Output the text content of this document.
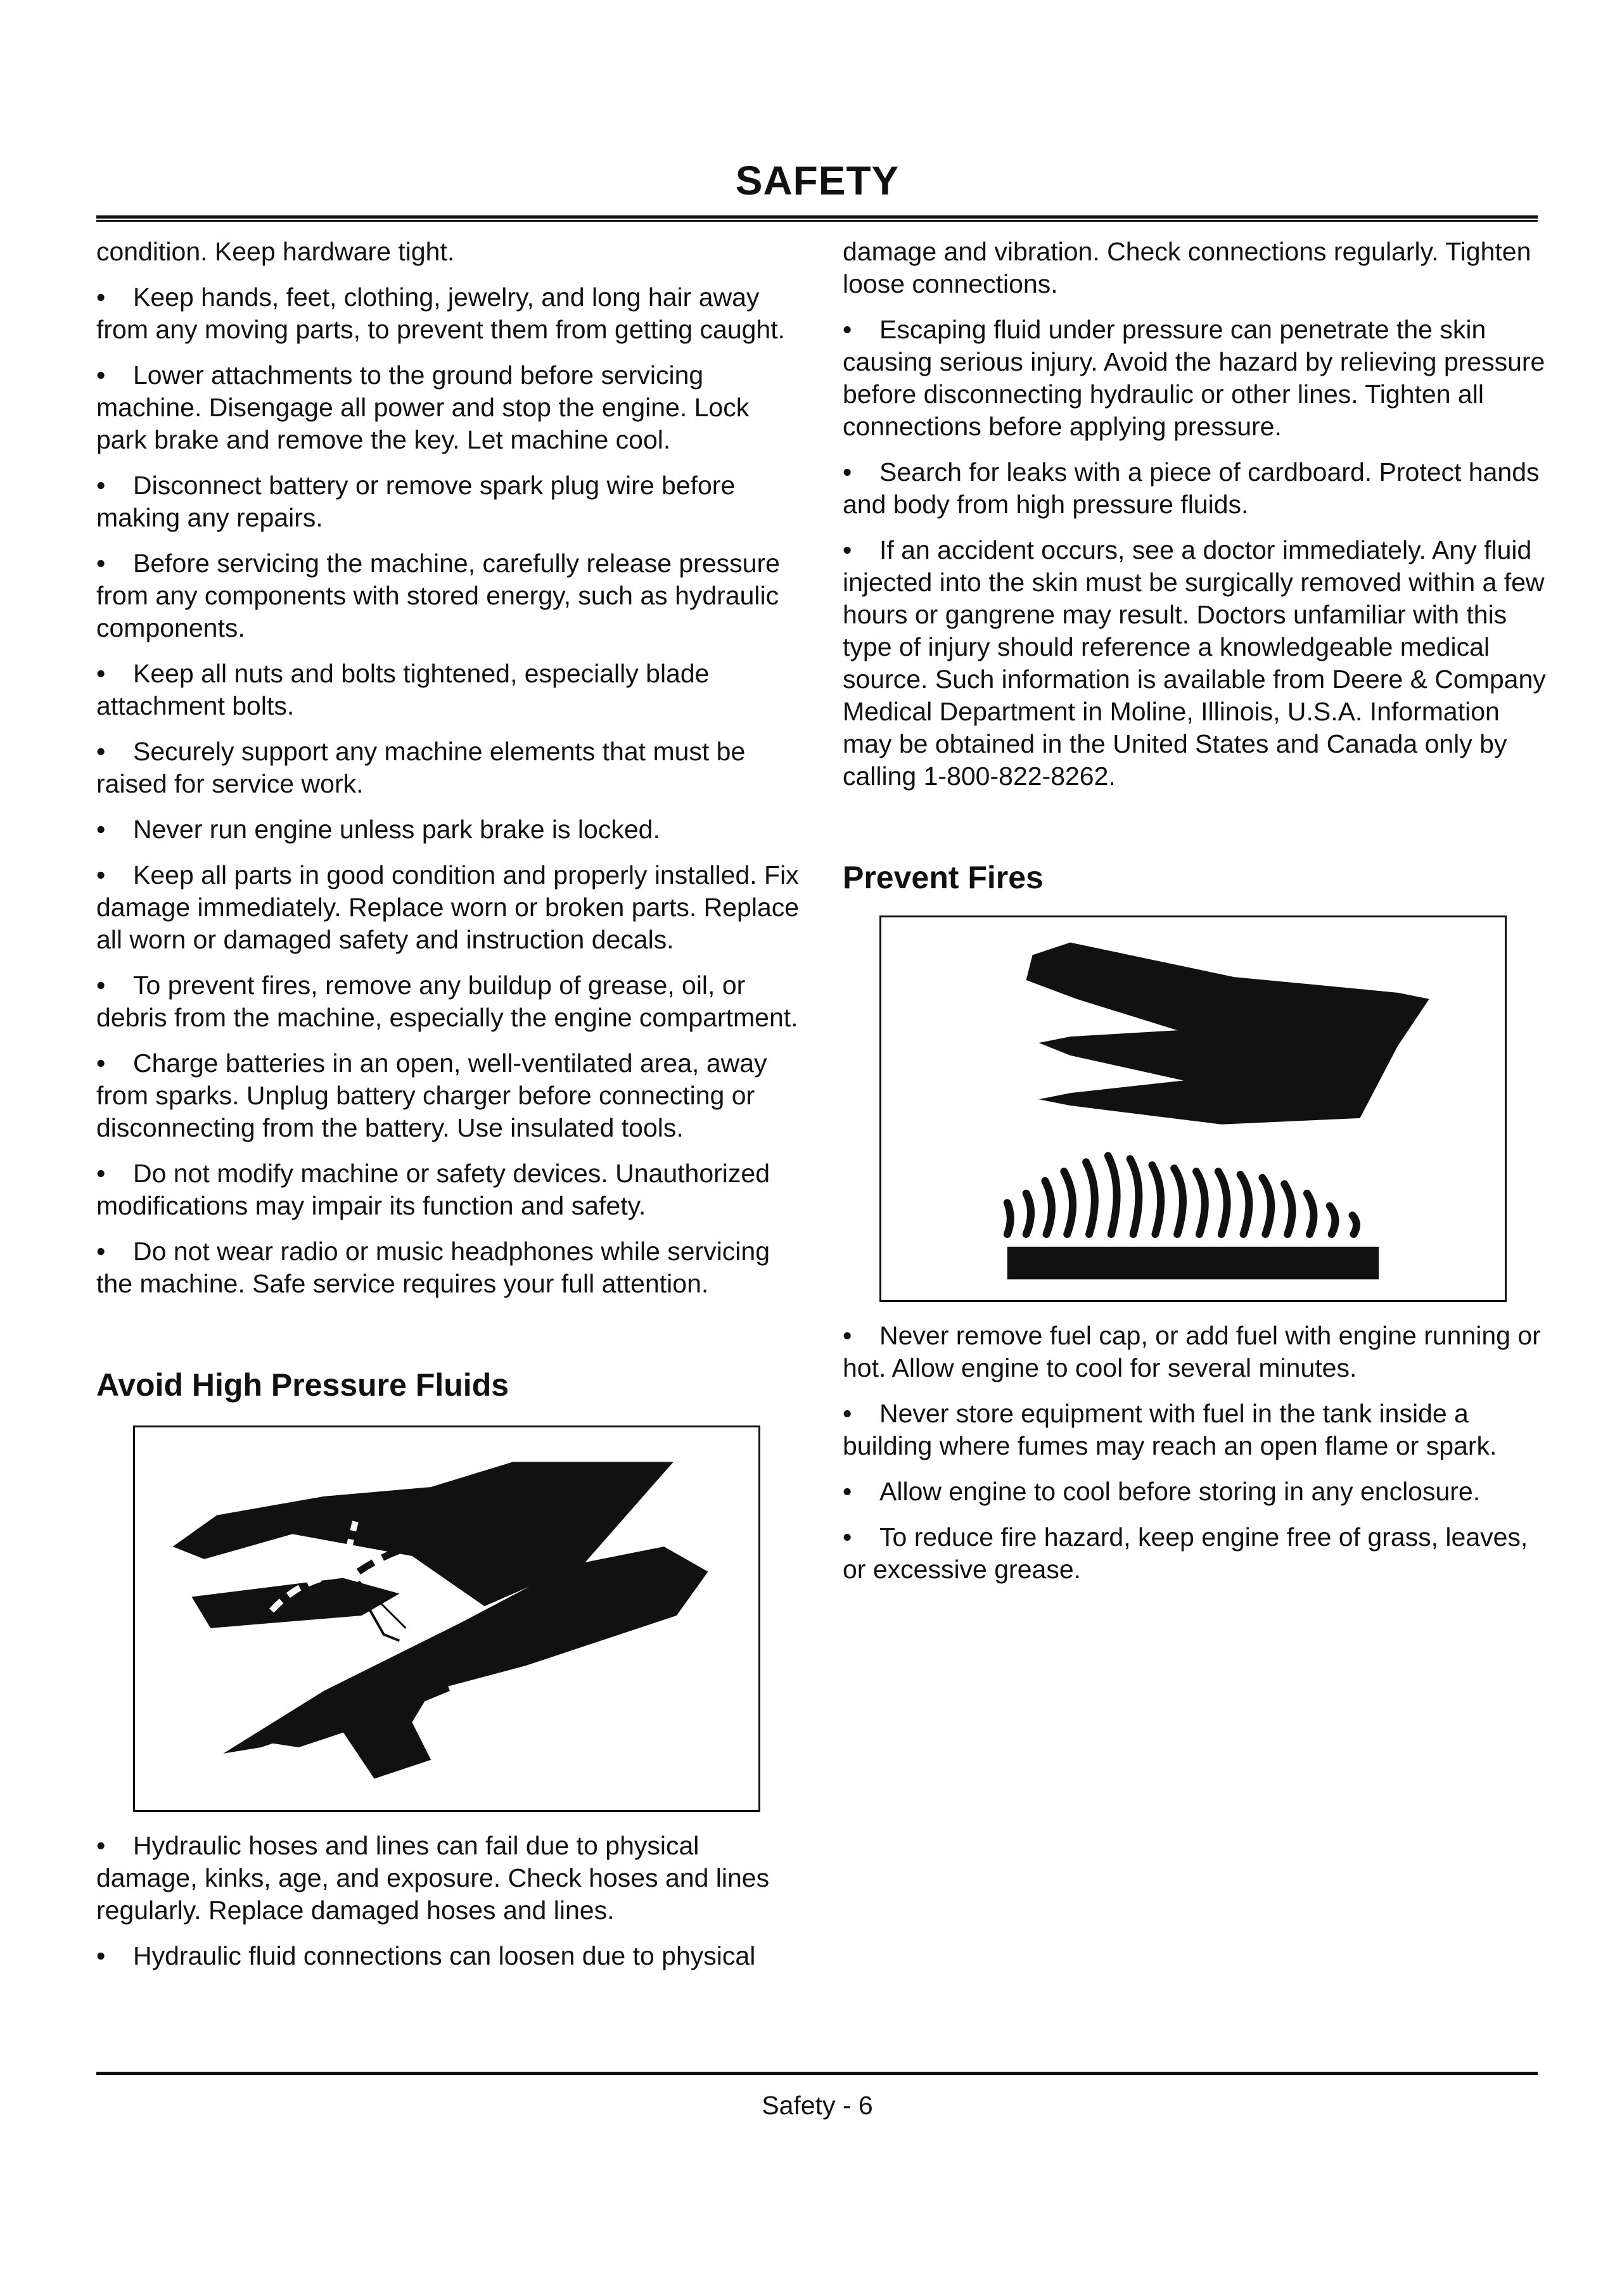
SAFETY

condition. Keep hardware tight.

• Keep hands, feet, clothing, jewelry, and long hair away from any moving parts, to prevent them from getting caught.
• Lower attachments to the ground before servicing machine. Disengage all power and stop the engine. Lock park brake and remove the key. Let machine cool.
• Disconnect battery or remove spark plug wire before making any repairs.
• Before servicing the machine, carefully release pressure from any components with stored energy, such as hydraulic components.
• Keep all nuts and bolts tightened, especially blade attachment bolts.
• Securely support any machine elements that must be raised for service work.
• Never run engine unless park brake is locked.
• Keep all parts in good condition and properly installed. Fix damage immediately. Replace worn or broken parts. Replace all worn or damaged safety and instruction decals.
• To prevent fires, remove any buildup of grease, oil, or debris from the machine, especially the engine compartment.
• Charge batteries in an open, well-ventilated area, away from sparks. Unplug battery charger before connecting or disconnecting from the battery. Use insulated tools.
• Do not modify machine or safety devices. Unauthorized modifications may impair its function and safety.
• Do not wear radio or music headphones while servicing the machine. Safe service requires your full attention.
Avoid High Pressure Fluids
• Hydraulic hoses and lines can fail due to physical damage, kinks, age, and exposure. Check hoses and lines regularly. Replace damaged hoses and lines.
• Hydraulic fluid connections can loosen due to physical

damage and vibration. Check connections regularly. Tighten loose connections.

• Escaping fluid under pressure can penetrate the skin causing serious injury. Avoid the hazard by relieving pressure before disconnecting hydraulic or other lines. Tighten all connections before applying pressure.
• Search for leaks with a piece of cardboard. Protect hands and body from high pressure fluids.
• If an accident occurs, see a doctor immediately. Any fluid injected into the skin must be surgically removed within a few hours or gangrene may result. Doctors unfamiliar with this type of injury should reference a knowledgeable medical source. Such information is available from Deere & Company Medical Department in Moline, Illinois, U.S.A. Information may be obtained in the United States and Canada only by calling 1-800-822-8262.
Prevent Fires
• Never remove fuel cap, or add fuel with engine running or hot. Allow engine to cool for several minutes.
• Never store equipment with fuel in the tank inside a building where fumes may reach an open flame or spark.
• Allow engine to cool before storing in any enclosure.
• To reduce fire hazard, keep engine free of grass, leaves, or excessive grease.
Safety - 6
